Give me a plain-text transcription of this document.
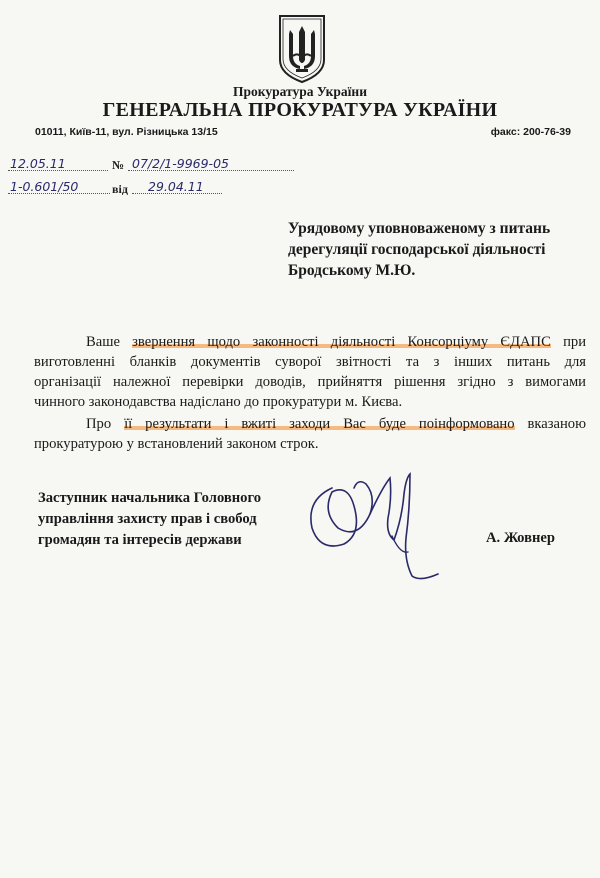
Прокуратура України
ГЕНЕРАЛЬНА ПРОКУРАТУРА УКРАЇНИ
01011, Київ-11, вул. Різницька 13/15	факс: 200-76-39
12.05.11	№ 07/2/1-9969-05
1-0.601/50	від 29.04.11
Урядовому уповноваженому з питань
дерегуляції господарської діяльності
Бродському М.Ю.
Ваше звернення щодо законності діяльності Консорціуму ЄДАПС при
виготовленні бланків документів суворої звітності та з інших питань для
організації належної перевірки доводів, прийняття рішення згідно з вимогами
чинного законодавства надіслано до прокуратури м. Києва.
Про її результати і вжиті заходи Вас буде поінформовано вказаною
прокуратурою у встановлений законом строк.
Заступник начальника Головного
управління захисту прав і свобод
громадян та інтересів держави	А. Жовнер
